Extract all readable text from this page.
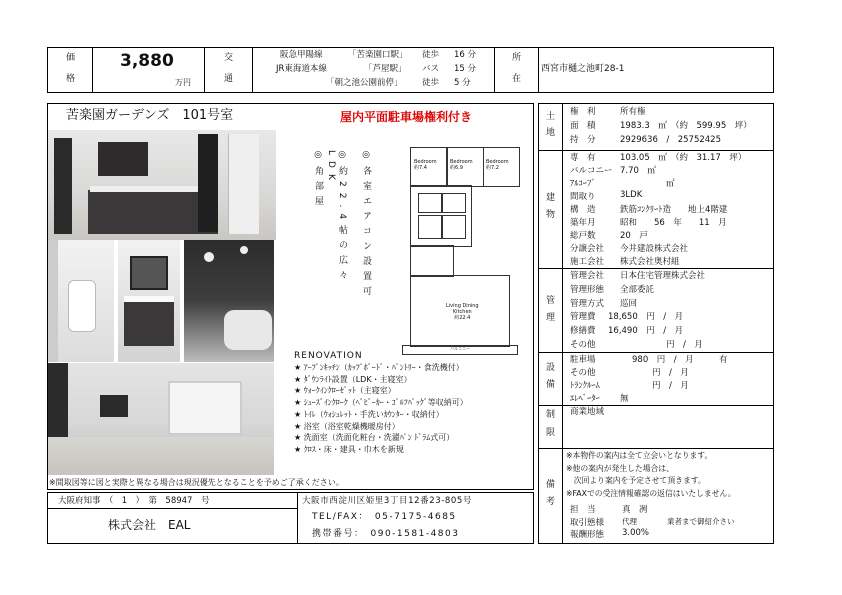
価
格
3,880
万円
交
通
阪急甲陽線	「苦楽園口駅」 徒歩 16 分
JR東海道本線	「芦屋駅」 バス 15 分
「朝之池公園前停」 徒歩 5 分
所
在
西宮市樋之池町28-1
苦楽園ガーデンズ　101号室	屋内平面駐車場権利付き
◎角部屋 ◎約22.4帖の広々LDK	◎各室エアコン設置可	Bedroom
約7.4
Bedroom
約6.9
Bedroom
約7.2
Living Dining
Kitchen
約22.4
バルコニー
RENOVATION
★ ｱｰﾌﾟﾝｷｯﾁﾝ（ｶｯﾌﾟﾎﾞｰﾄﾞ・ﾊﾟﾝﾄﾘｰ・食洗機付）
★ ﾀﾞｳﾝﾗｲﾄ設置（LDK・主寝室）
★ ｳｫｰｸｲﾝｸﾛｰｾﾞｯﾄ（主寝室）
★ ｼｭｰｽﾞｲﾝｸﾛｰｸ（ﾍﾞﾋﾞｰｶｰ・ｺﾞﾙﾌﾊﾞｯｸﾞ等収納可）
★ ﾄｲﾚ（ｳｫｼｭﾚｯﾄ・手洗いｶｳﾝﾀｰ・収納付）
★ 浴室（浴室乾燥機暖房付）
★ 洗面室（洗面化粧台・洗濯ﾊﾟﾝ ﾄﾞﾗﾑ式可）
★ ｸﾛｽ・床・建具・巾木を新規
※間取図等に図と実際と異なる場合は現況優先となることを予めご了承ください。
大阪府知事　（　1　）　第　58947　号
株式会社　EAL
大阪市西淀川区姫里3丁目12番23-805号
TEL/FAX：　05-7175-4685
携帯番号：　090-1581-4803
土
地
権　利	所有権
面　積	1983.3　㎡　（約　599.95　坪）
持　分	2929636　/　25752425
建
物
専　有	103.05　㎡　（約　31.17　坪）
バルコニー 7.70　㎡
ｱﾙｺｰﾌﾞ	㎡
間取り	3LDK
構　造	鉄筋ｺﾝｸﾘｰﾄ造　　地上4階建
築年月	昭和　　56　年　　11　月
総戸数	20　戸
分譲会社 今井建設株式会社
施工会社 株式会社奥村組
管
理
管理会社 日本住宅管理株式会社
管理形態 全部委託
管理方式 巡回
管理費 18,650　円　/　月
修繕費 16,490　円　/　月
その他	円　/　月
設
備
駐車場	980　円　/　月　　　有
その他	円　/　月
ﾄﾗﾝｸﾙｰﾑ	円　/　月
ｴﾚﾍﾞｰﾀｰ 無
制
限
商業地域
備
考
※本物件の案内は全て立会いとなります。
※他の案内が発生した場合は、
　次回より案内を予定させて頂きます。
※FAXでの受注情報確認の返信はいたしません。
担　当	真　冽
取引態様 代理　　　　業者まで御紹介さい
報酬形態 3.00%
